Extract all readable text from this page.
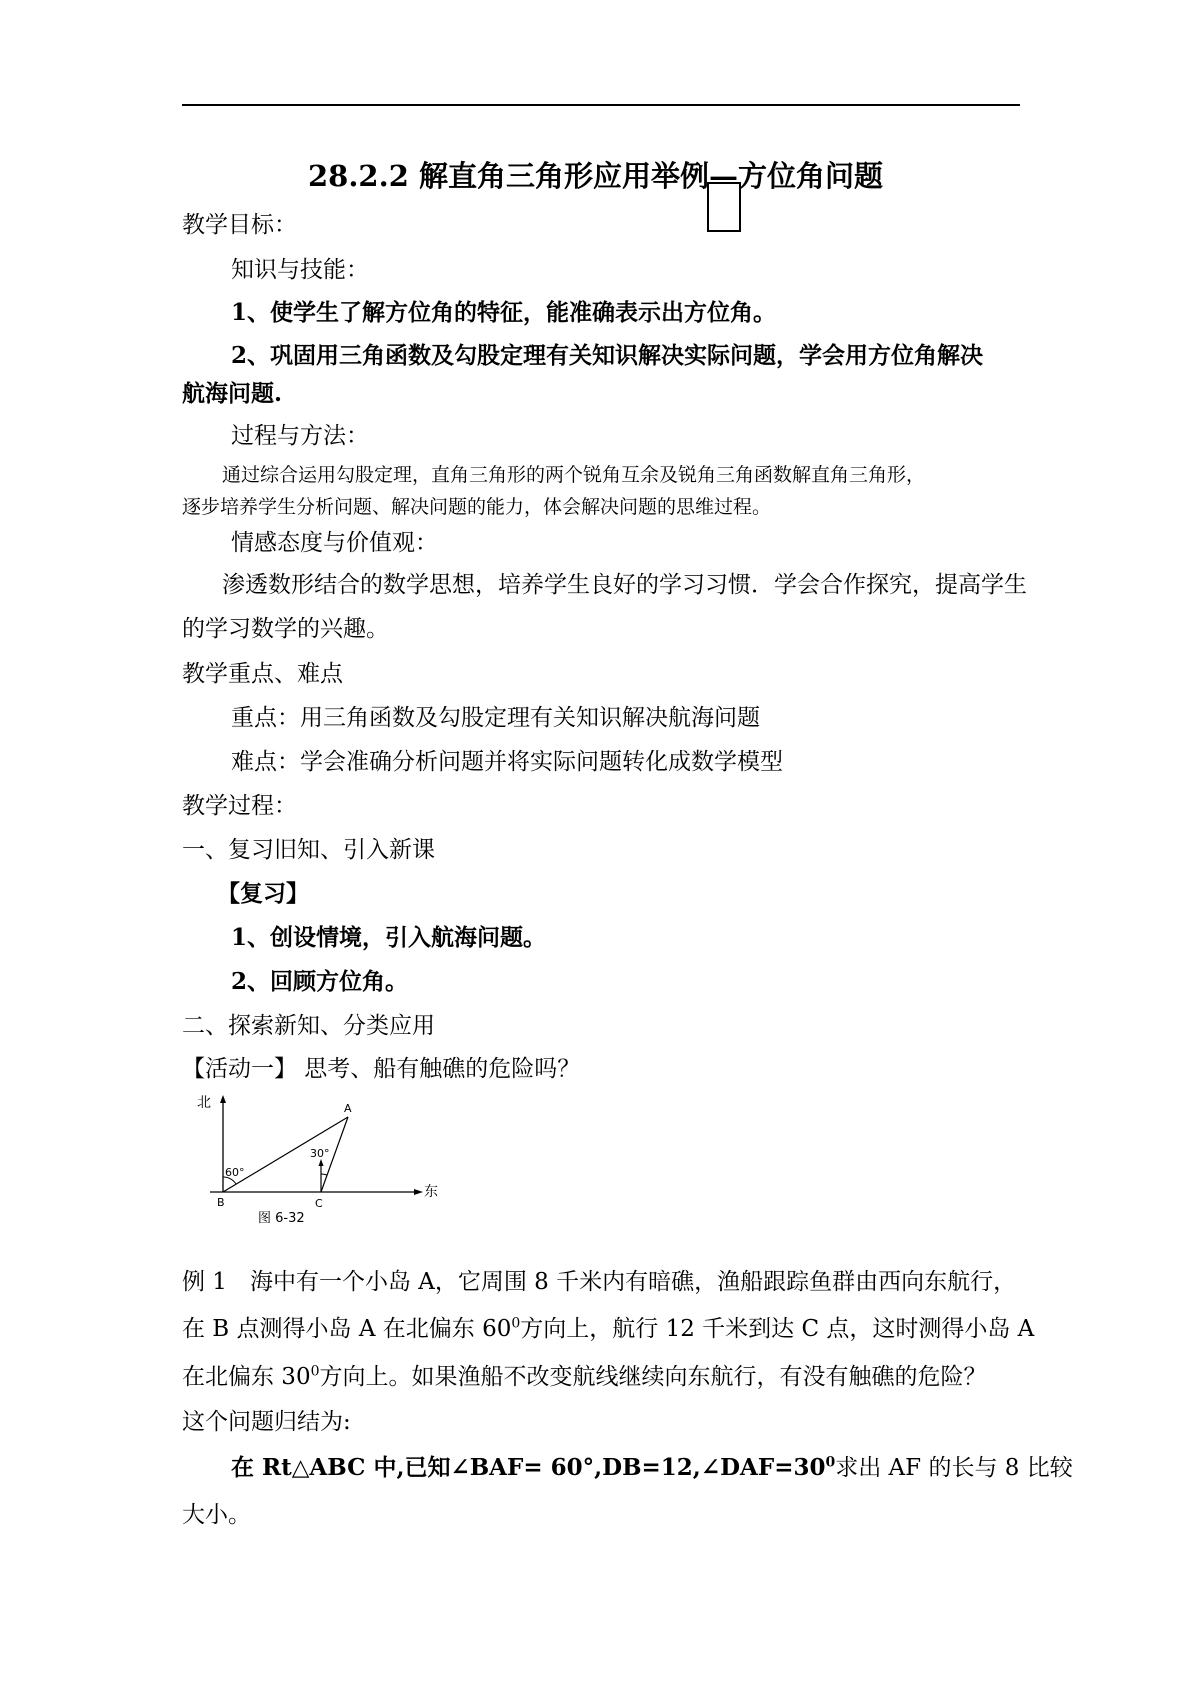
28.2.2 解直角三角形应用举例—方位角问题
教学目标：
知识与技能：
1、使学生了解方位角的特征，能准确表示出方位角。
2、巩固用三角函数及勾股定理有关知识解决实际问题，学会用方位角解决
航海问题.
过程与方法：
通过综合运用勾股定理，直角三角形的两个锐角互余及锐角三角函数解直角三角形，
逐步培养学生分析问题、解决问题的能力，体会解决问题的思维过程。
情感态度与价值观：
渗透数形结合的数学思想，培养学生良好的学习习惯．学会合作探究，提高学生
的学习数学的兴趣。
教学重点、难点
重点：用三角函数及勾股定理有关知识解决航海问题
难点：学会准确分析问题并将实际问题转化成数学模型
教学过程：
一、复习旧知、引入新课
【复习】
1、创设情境，引入航海问题。
2、回顾方位角。
二、探索新知、分类应用
【活动一】 思考、船有触礁的危险吗？
北
东
A
B	C
60°
30°
图 6-32
例 1　海中有一个小岛 A，它周围 8 千米内有暗礁，渔船跟踪鱼群由西向东航行，
在 B 点测得小岛 A 在北偏东 $60^0$方向上，航行 12 千米到达 C 点，这时测得小岛 A
在北偏东 $30^0$方向上。如果渔船不改变航线继续向东航行，有没有触礁的危险？
这个问题归结为:
在 Rt△ABC 中,已知∠BAF= $60^\circ,DB=12,\angle DAF=30^0$求出 AF 的长与 8 比较
大小。
